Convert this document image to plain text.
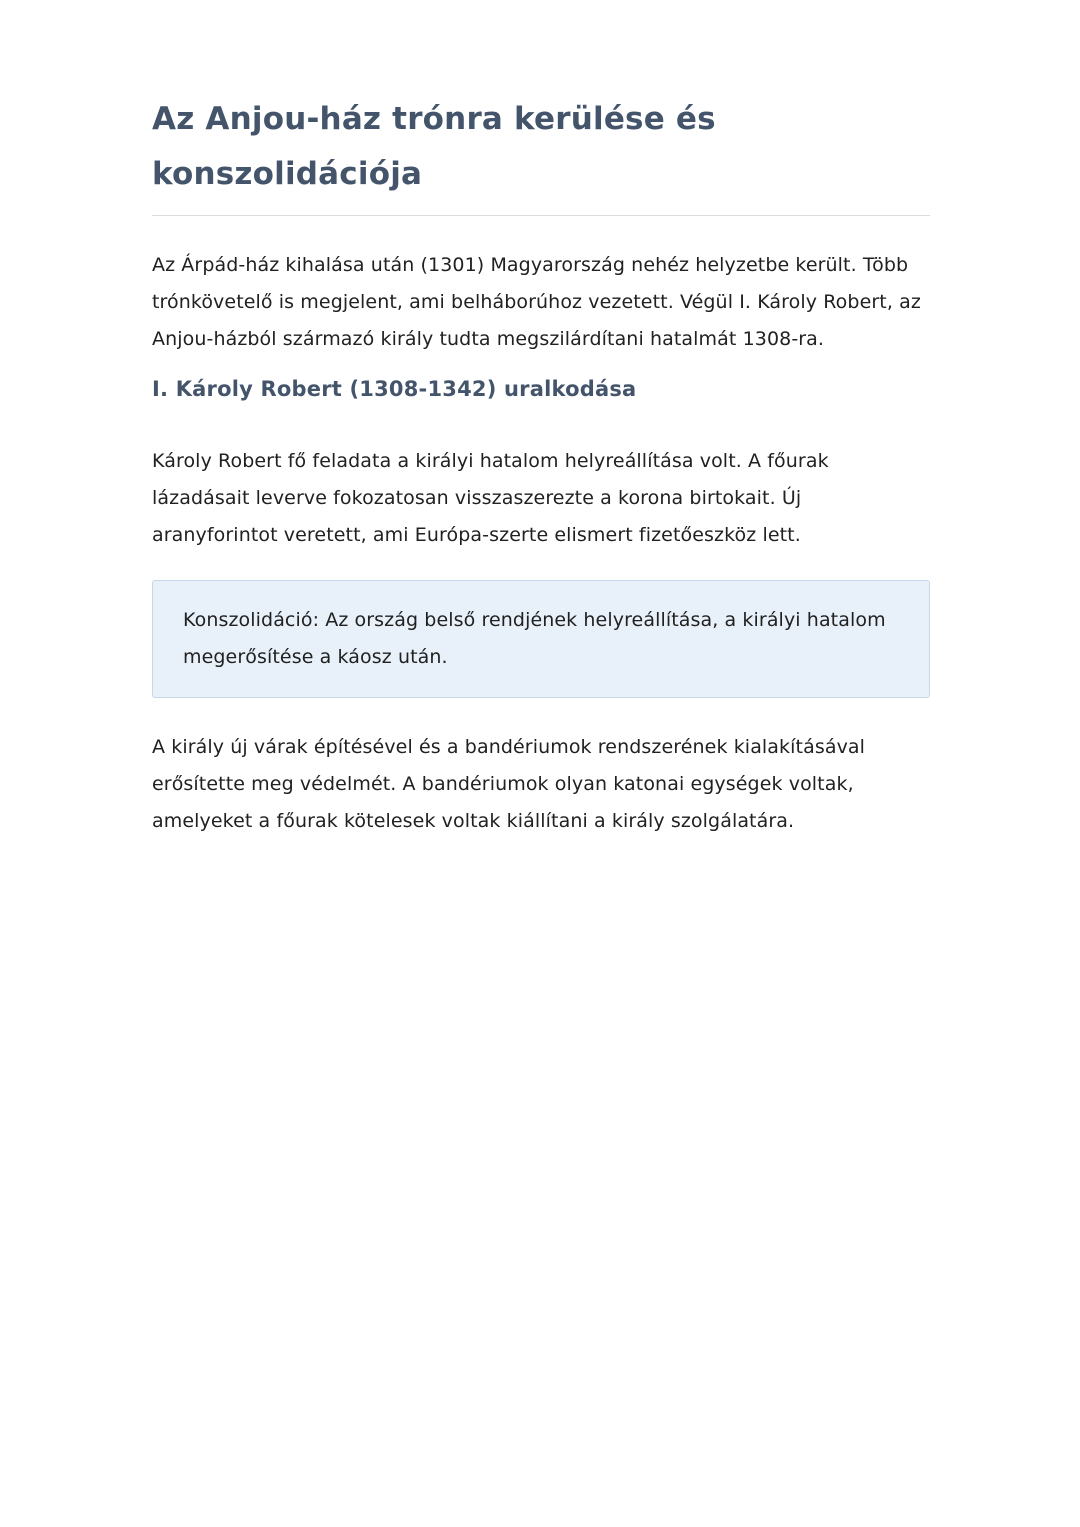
Az Anjou-ház trónra kerülése és konszolidációja

Az Árpád-ház kihalása után (1301) Magyarország nehéz helyzetbe került. Több trónkövetelő is megjelent, ami belháborúhoz vezetett. Végül I. Károly Robert, az Anjou-házból származó király tudta megszilárdítani hatalmát 1308-ra.

I. Károly Robert (1308-1342) uralkodása

Károly Robert fő feladata a királyi hatalom helyreállítása volt. A főurak lázadásait leverve fokozatosan visszaszerezte a korona birtokait. Új aranyforintot veretett, ami Európa-szerte elismert fizetőeszköz lett.

Konszolidáció: Az ország belső rendjének helyreállítása, a királyi hatalom megerősítése a káosz után.

A király új várak építésével és a bandériumok rendszerének kialakításával erősítette meg védelmét. A bandériumok olyan katonai egységek voltak, amelyeket a főurak kötelesek voltak kiállítani a király szolgálatára.
